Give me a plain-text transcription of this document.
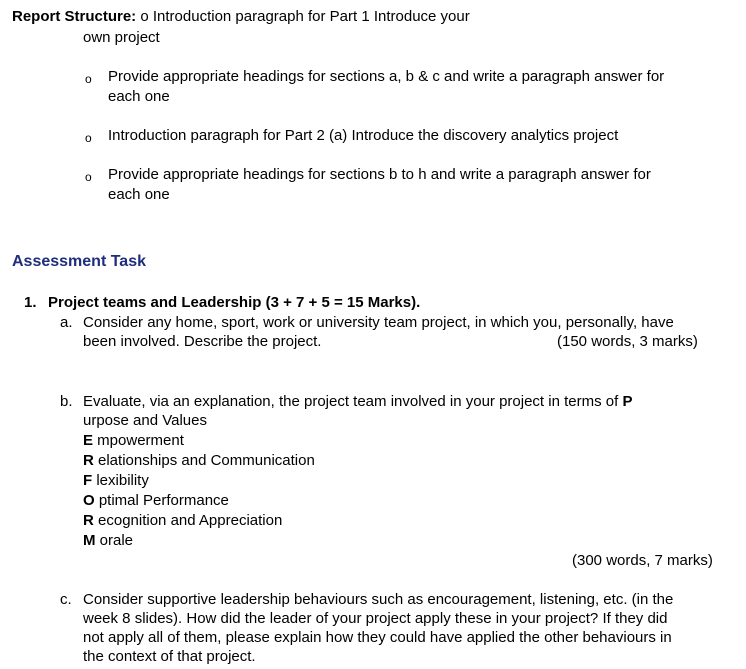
Report Structure: o Introduction paragraph for Part 1 Introduce your
own project
o Provide appropriate headings for sections a, b & c and write a paragraph answer for
each one
o Introduction paragraph for Part 2 (a) Introduce the discovery analytics project
o Provide appropriate headings for sections b to h and write a paragraph answer for
each one
Assessment Task
1. Project teams and Leadership (3 + 7 + 5 = 15 Marks).
a. Consider any home, sport, work or university team project, in which you, personally, have
been involved. Describe the project.	(150 words, 3 marks)
b. Evaluate, via an explanation, the project team involved in your project in terms of P
urpose and Values
E mpowerment
R elationships and Communication
F lexibility
O ptimal Performance
R ecognition and Appreciation
M orale
(300 words, 7 marks)
c. Consider supportive leadership behaviours such as encouragement, listening, etc. (in the
week 8 slides). How did the leader of your project apply these in your project? If they did
not apply all of them, please explain how they could have applied the other behaviours in
the context of that project.
